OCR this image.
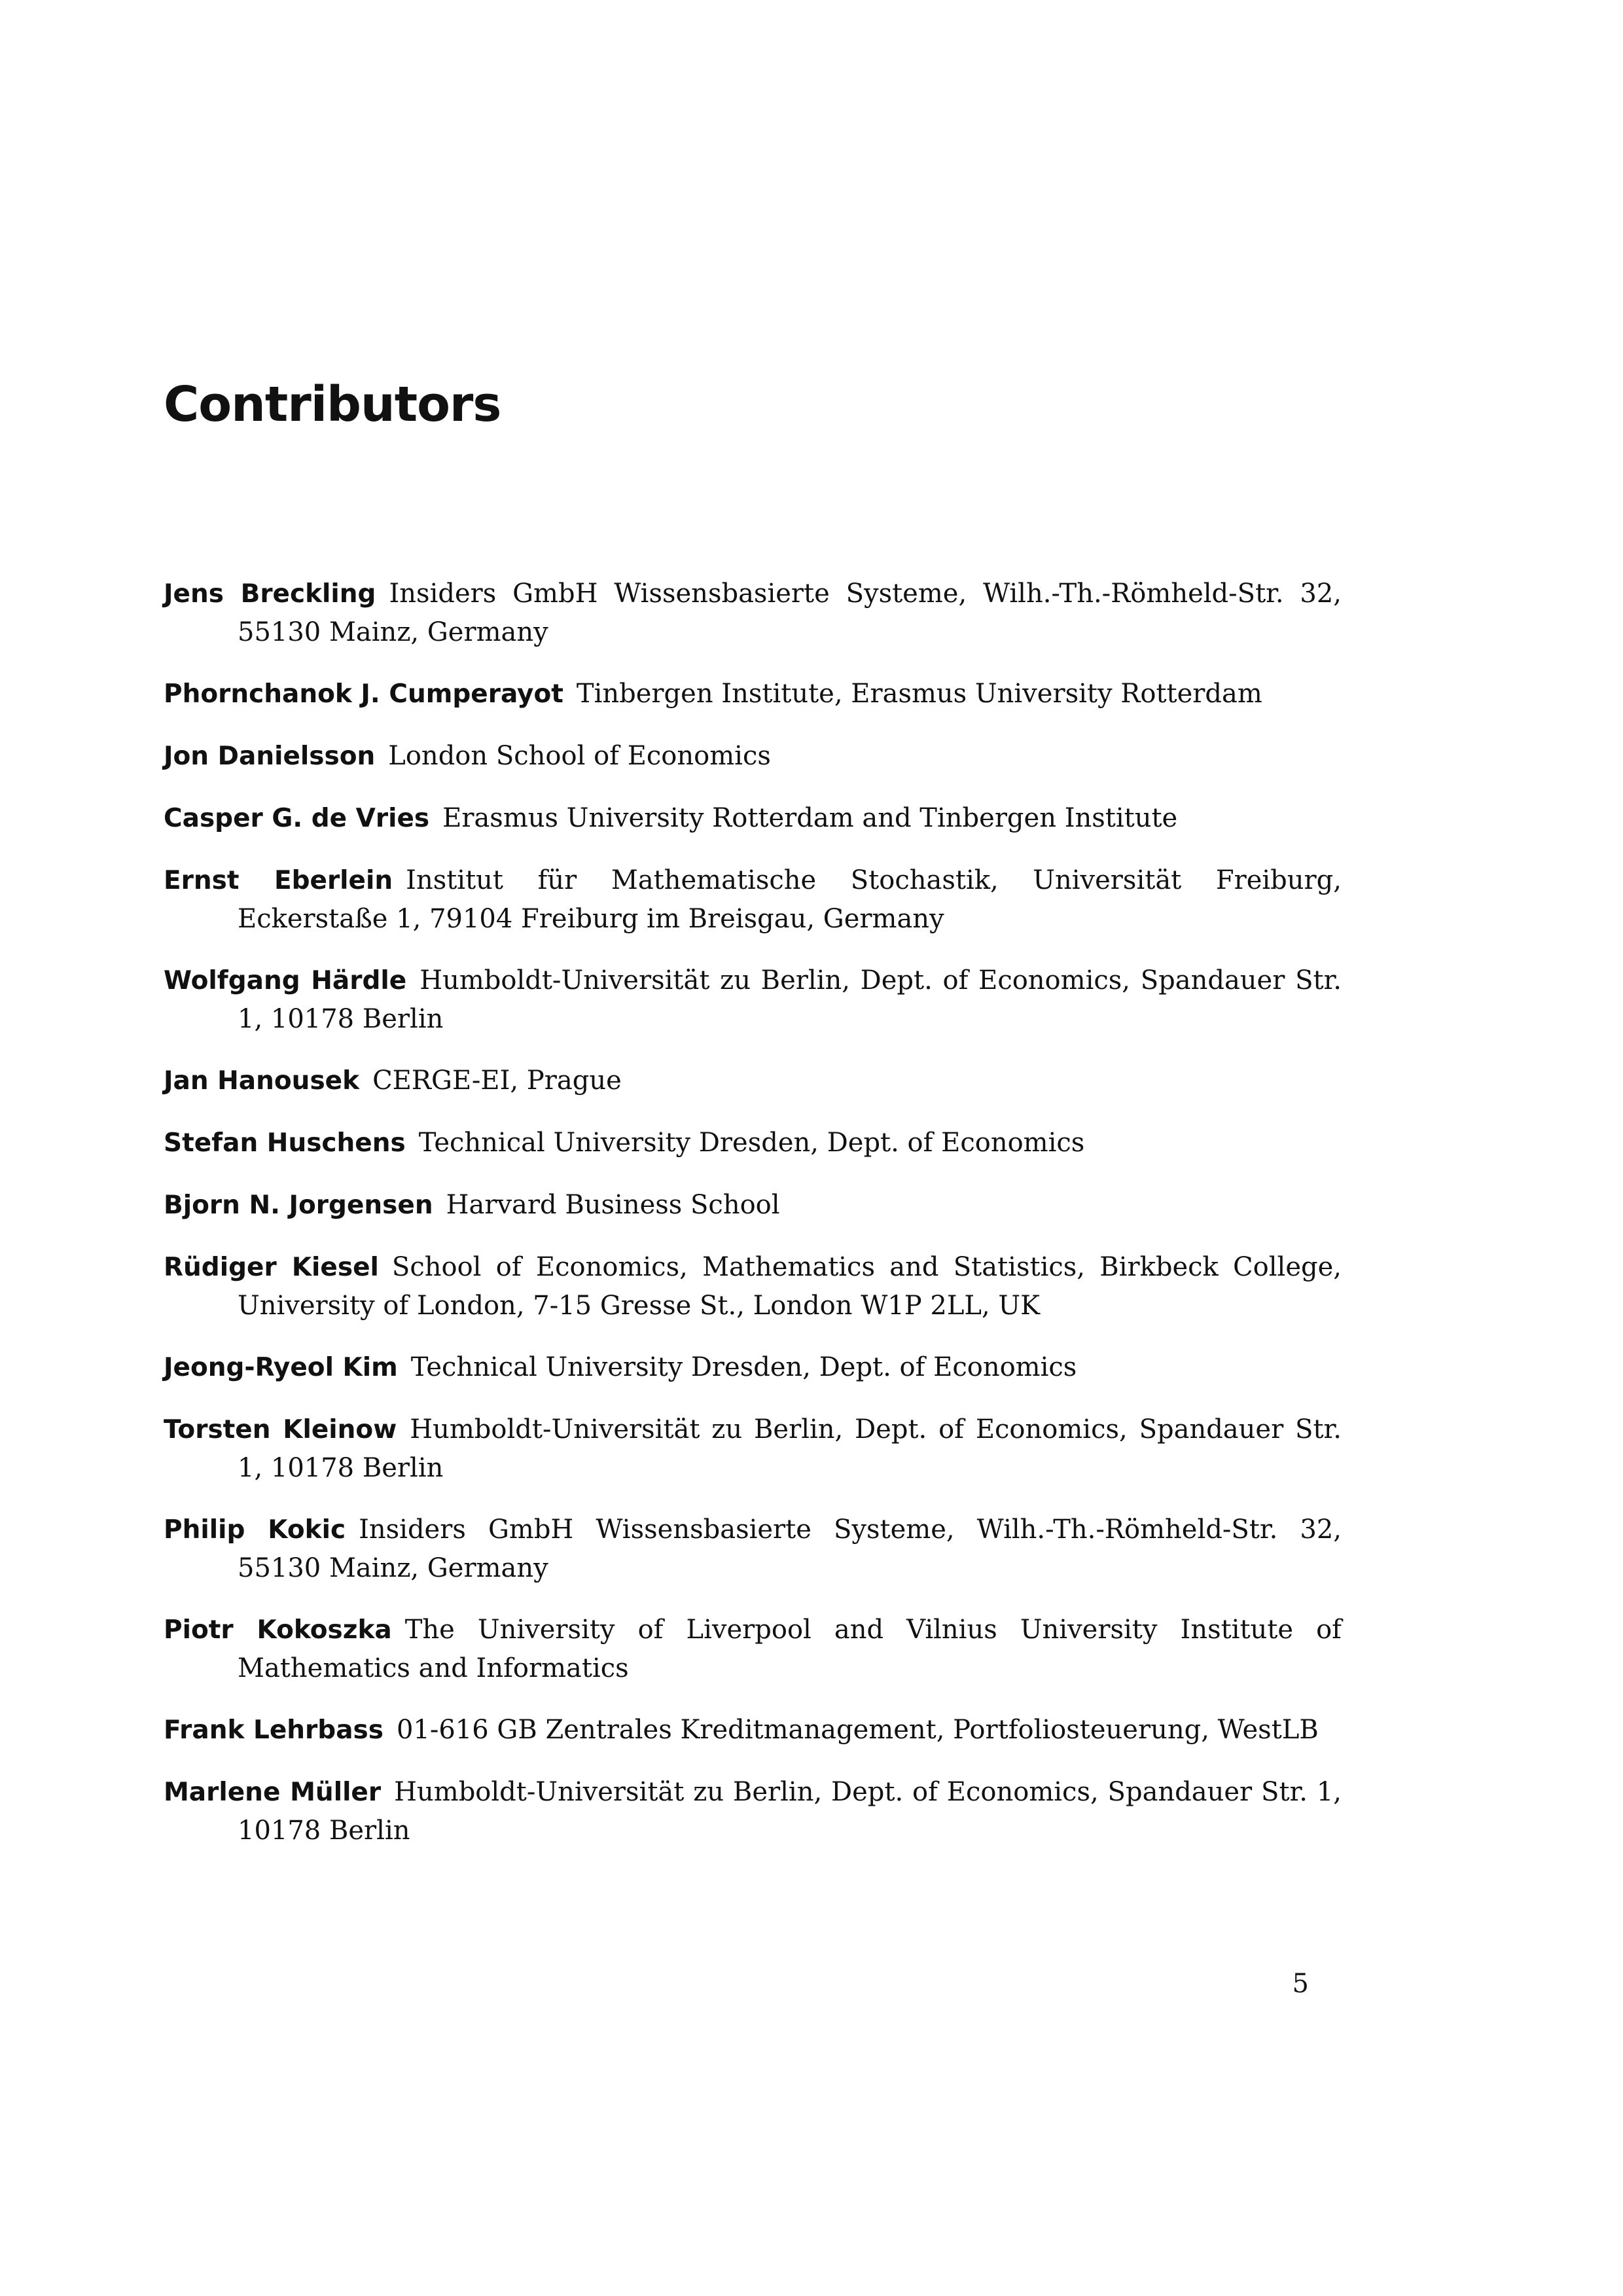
Contributors
Jens Breckling Insiders GmbH Wissensbasierte Systeme, Wilh.-Th.-Römheld-Str. 32, 55130 Mainz, Germany
Phornchanok J. Cumperayot Tinbergen Institute, Erasmus University Rotterdam
Jon Danielsson London School of Economics
Casper G. de Vries Erasmus University Rotterdam and Tinbergen Institute
Ernst Eberlein Institut für Mathematische Stochastik, Universität Freiburg, Eckerstaße 1, 79104 Freiburg im Breisgau, Germany
Wolfgang Härdle Humboldt-Universität zu Berlin, Dept. of Economics, Spandauer Str. 1, 10178 Berlin
Jan Hanousek CERGE-EI, Prague
Stefan Huschens Technical University Dresden, Dept. of Economics
Bjorn N. Jorgensen Harvard Business School
Rüdiger Kiesel School of Economics, Mathematics and Statistics, Birkbeck College, University of London, 7-15 Gresse St., London W1P 2LL, UK
Jeong-Ryeol Kim Technical University Dresden, Dept. of Economics
Torsten Kleinow Humboldt-Universität zu Berlin, Dept. of Economics, Spandauer Str. 1, 10178 Berlin
Philip Kokic Insiders GmbH Wissensbasierte Systeme, Wilh.-Th.-Römheld-Str. 32, 55130 Mainz, Germany
Piotr Kokoszka The University of Liverpool and Vilnius University Institute of Mathematics and Informatics
Frank Lehrbass 01-616 GB Zentrales Kreditmanagement, Portfoliosteuerung, WestLB
Marlene Müller Humboldt-Universität zu Berlin, Dept. of Economics, Spandauer Str. 1, 10178 Berlin
5
